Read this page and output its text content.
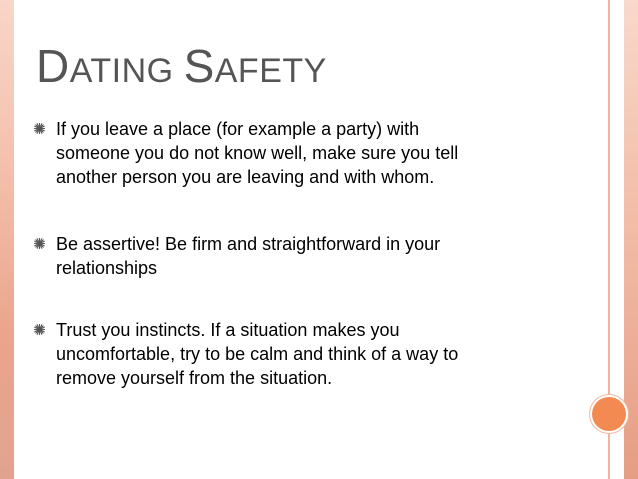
DATING SAFETY
If you leave a place (for example a party) with
someone you do not know well, make sure you tell
another person you are leaving and with whom.
Be assertive! Be firm and straightforward in your
relationships
Trust you instincts. If a situation makes you
uncomfortable, try to be calm and think of a way to
remove yourself from the situation.
